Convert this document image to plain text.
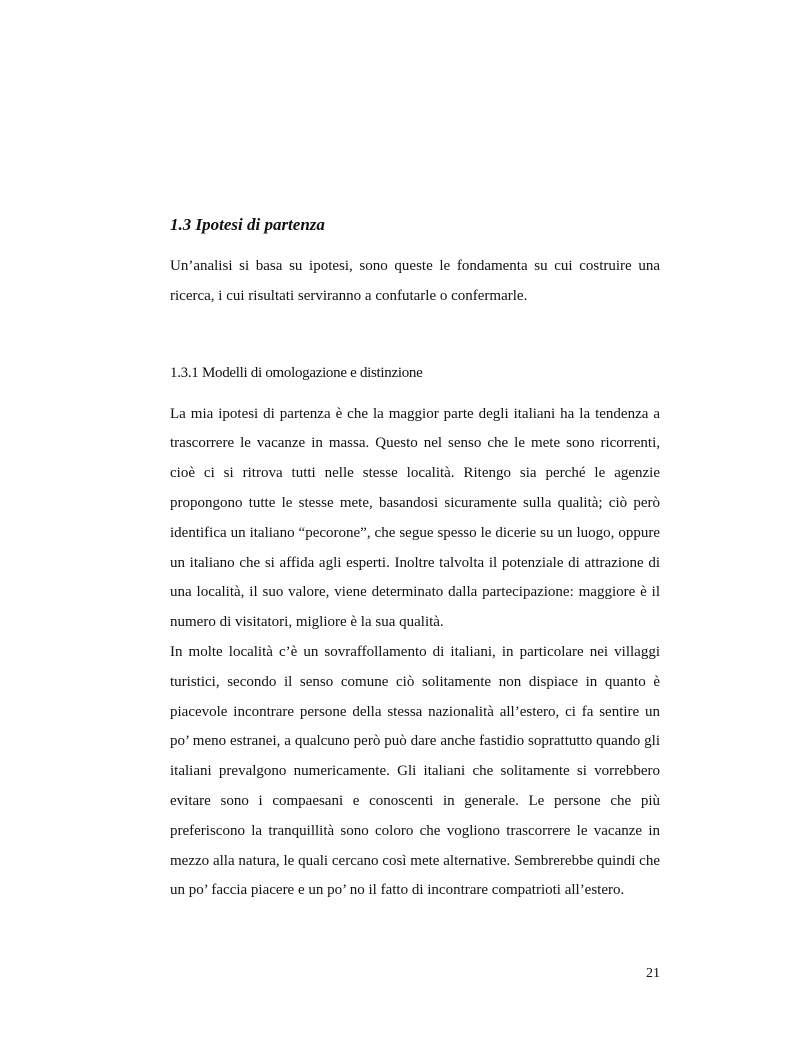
1.3 Ipotesi di partenza

Un’analisi si basa su ipotesi, sono queste le fondamenta su cui costruire una ricerca, i cui risultati serviranno a confutarle o confermarle.

1.3.1 Modelli di omologazione e distinzione

La mia ipotesi di partenza è che la maggior parte degli italiani ha la tendenza a trascorrere le vacanze in massa. Questo nel senso che le mete sono ricorrenti, cioè ci si ritrova tutti nelle stesse località. Ritengo sia perché le agenzie propongono tutte le stesse mete, basandosi sicuramente sulla qualità; ciò però identifica un italiano “pecorone”, che segue spesso le dicerie su un luogo, oppure un italiano che si affida agli esperti. Inoltre talvolta il potenziale di attrazione di una località, il suo valore, viene determinato dalla partecipazione: maggiore è il numero di visitatori, migliore è la sua qualità.

In molte località c’è un sovraffollamento di italiani, in particolare nei villaggi turistici, secondo il senso comune ciò solitamente non dispiace in quanto è piacevole incontrare persone della stessa nazionalità all’estero, ci fa sentire un po’ meno estranei, a qualcuno però può dare anche fastidio soprattutto quando gli italiani prevalgono numericamente. Gli italiani che solitamente si vorrebbero evitare sono i compaesani e conoscenti in generale. Le persone che più preferiscono la tranquillità sono coloro che vogliono trascorrere le vacanze in mezzo alla natura, le quali cercano così mete alternative. Sembrerebbe quindi che un po’ faccia piacere e un po’ no il fatto di incontrare compatrioti all’estero.

21
